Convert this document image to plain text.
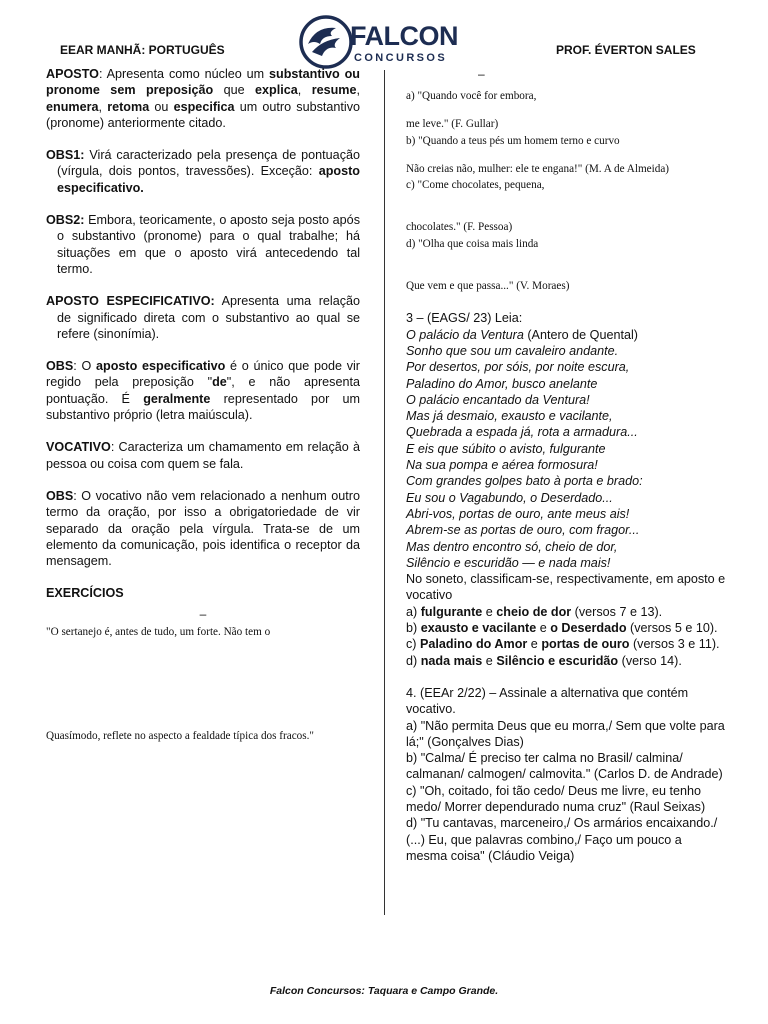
EEAR MANHÃ: PORTUGUÊS	PROF. ÉVERTON SALES
FALCON
CONCURSOS

APOSTO: Apresenta como núcleo um substantivo ou pronome sem preposição que explica, resume, enumera, retoma ou especifica um outro substantivo (pronome) anteriormente citado.

OBS1: Virá caracterizado pela presença de pontuação (vírgula, dois pontos, travessões). Exceção: aposto especificativo.

OBS2: Embora, teoricamente, o aposto seja posto após o substantivo (pronome) para o qual trabalhe; há situações em que o aposto virá antecedendo tal termo.

APOSTO ESPECIFICATIVO: Apresenta uma relação de significado direta com o substantivo ao qual se refere (sinonímia).

OBS: O aposto especificativo é o único que pode vir regido pela preposição "de", e não apresenta pontuação. É geralmente representado por um substantivo próprio (letra maiúscula).

VOCATIVO: Caracteriza um chamamento em relação à pessoa ou coisa com quem se fala.

OBS: O vocativo não vem relacionado a nenhum outro termo da oração, por isso a obrigatoriedade de vir separado da oração pela vírgula. Trata-se de um elemento da comunicação, pois identifica o receptor da mensagem.

EXERCÍCIOS

–

"O sertanejo é, antes de tudo, um forte. Não tem o

Quasímodo, reflete no aspecto a fealdade típica dos fracos."

–

a) "Quando você for embora,

me leve." (F. Gullar)

b) "Quando a teus pés um homem terno e curvo

Não creias não, mulher: ele te engana!" (M. A de Almeida)

c) "Come chocolates, pequena,

chocolates." (F. Pessoa)

d) "Olha que coisa mais linda

Que vem e que passa..." (V. Moraes)

3 – (EAGS/ 23) Leia:

O palácio da Ventura (Antero de Quental)

Sonho que sou um cavaleiro andante.

Por desertos, por sóis, por noite escura,

Paladino do Amor, busco anelante

O palácio encantado da Ventura!

Mas já desmaio, exausto e vacilante,

Quebrada a espada já, rota a armadura...

E eis que súbito o avisto, fulgurante

Na sua pompa e aérea formosura!

Com grandes golpes bato à porta e brado:

Eu sou o Vagabundo, o Deserdado...

Abri-vos, portas de ouro, ante meus ais!

Abrem-se as portas de ouro, com fragor...

Mas dentro encontro só, cheio de dor,

Silêncio e escuridão — e nada mais!

No soneto, classificam-se, respectivamente, em aposto e vocativo

a) fulgurante e cheio de dor (versos 7 e 13).

b) exausto e vacilante e o Deserdado (versos 5 e 10).

c) Paladino do Amor e portas de ouro (versos 3 e 11).

d) nada mais e Silêncio e escuridão (verso 14).

4. (EEAr 2/22) – Assinale a alternativa que contém vocativo.

a) "Não permita Deus que eu morra,/ Sem que volte para lá;" (Gonçalves Dias)

b) "Calma/ É preciso ter calma no Brasil/ calmina/ calmanan/ calmogen/ calmovita." (Carlos D. de Andrade)

c) "Oh, coitado, foi tão cedo/ Deus me livre, eu tenho medo/ Morrer dependurado numa cruz" (Raul Seixas)

d) "Tu cantavas, marceneiro,/ Os armários encaixando./ (...) Eu, que palavras combino,/ Faço um pouco a mesma coisa" (Cláudio Veiga)

Falcon Concursos: Taquara e Campo Grande.
